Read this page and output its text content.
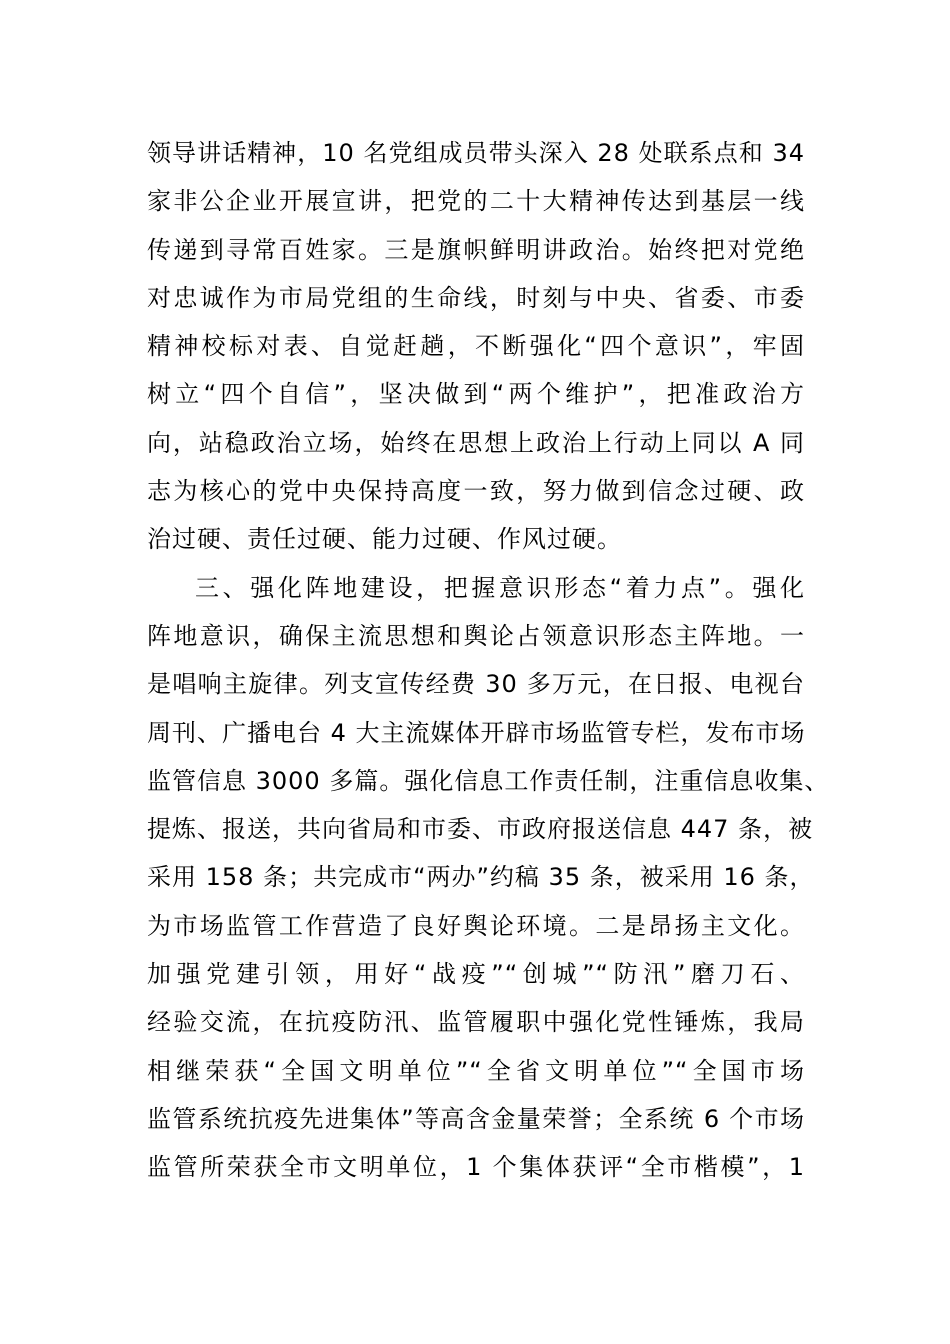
领导讲话精神，10 名党组成员带头深入 28 处联系点和 34
家非公企业开展宣讲，把党的二十大精神传达到基层一线
传递到寻常百姓家。三是旗帜鲜明讲政治。始终把对党绝
对忠诚作为市局党组的生命线，时刻与中央、省委、市委
精神校标对表、自觉赶趟，不断强化“四个意识”，牢固
树立“四个自信”，坚决做到“两个维护”，把准政治方
向，站稳政治立场，始终在思想上政治上行动上同以 A 同
志为核心的党中央保持高度一致，努力做到信念过硬、政
治过硬、责任过硬、能力过硬、作风过硬。
三、强化阵地建设，把握意识形态“着力点”。强化
阵地意识，确保主流思想和舆论占领意识形态主阵地。一
是唱响主旋律。列支宣传经费 30 多万元，在日报、电视台
周刊、广播电台 4 大主流媒体开辟市场监管专栏，发布市场
监管信息 3000 多篇。强化信息工作责任制，注重信息收集、
提炼、报送，共向省局和市委、市政府报送信息 447 条，被
采用 158 条；共完成市“两办”约稿 35 条，被采用 16 条，
为市场监管工作营造了良好舆论环境。二是昂扬主文化。
加强党建引领，用好“战疫”“创城”“防汛”磨刀石、
经验交流，在抗疫防汛、监管履职中强化党性锤炼，我局
相继荣获“全国文明单位”“全省文明单位”“全国市场
监管系统抗疫先进集体”等高含金量荣誉；全系统 6 个市场
监管所荣获全市文明单位，1 个集体获评“全市楷模”，1
